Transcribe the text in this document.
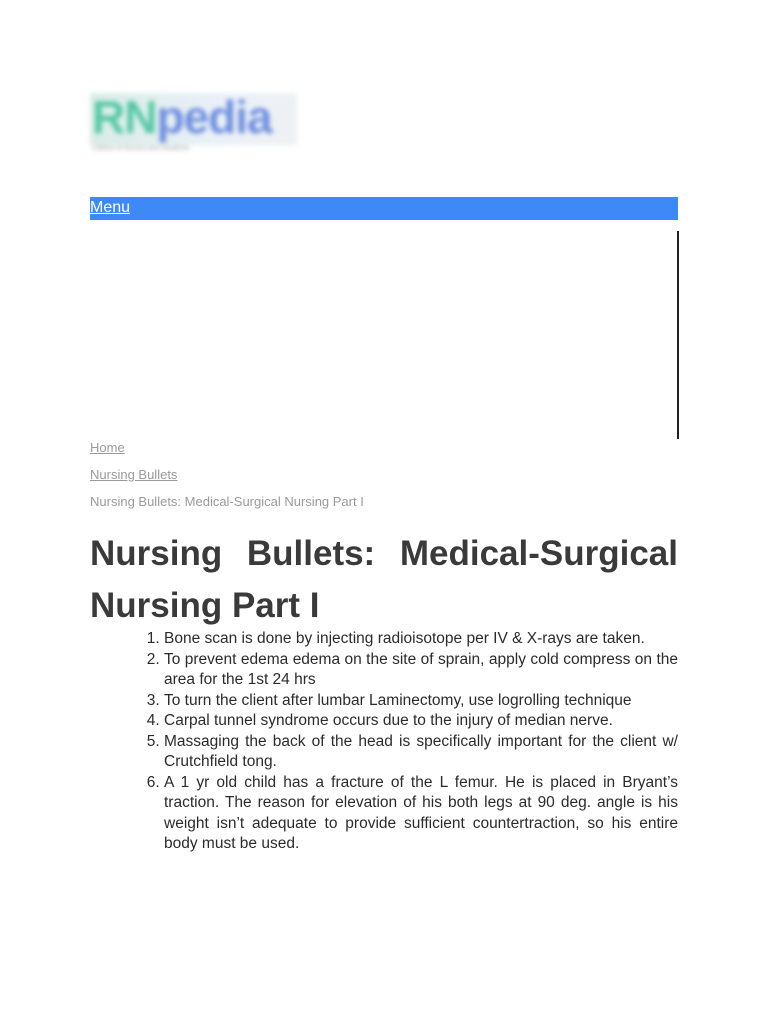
RNpedia
Lifeline of Nurses and Students
Menu
Home
Nursing Bullets
Nursing Bullets: Medical-Surgical Nursing Part I
Nursing Bullets: Medical-Surgical Nursing Part I
1. Bone scan is done by injecting radioisotope per IV & X-rays are taken.
2. To prevent edema edema on the site of sprain, apply cold compress on the area for the 1st 24 hrs
3. To turn the client after lumbar Laminectomy, use logrolling technique
4. Carpal tunnel syndrome occurs due to the injury of median nerve.
5. Massaging the back of the head is specifically important for the client w/ Crutchfield tong.
6. A 1 yr old child has a fracture of the L femur. He is placed in Bryant’s traction. The reason for elevation of his both legs at 90 deg. angle is his weight isn’t adequate to provide sufficient countertraction, so his entire body must be used.
